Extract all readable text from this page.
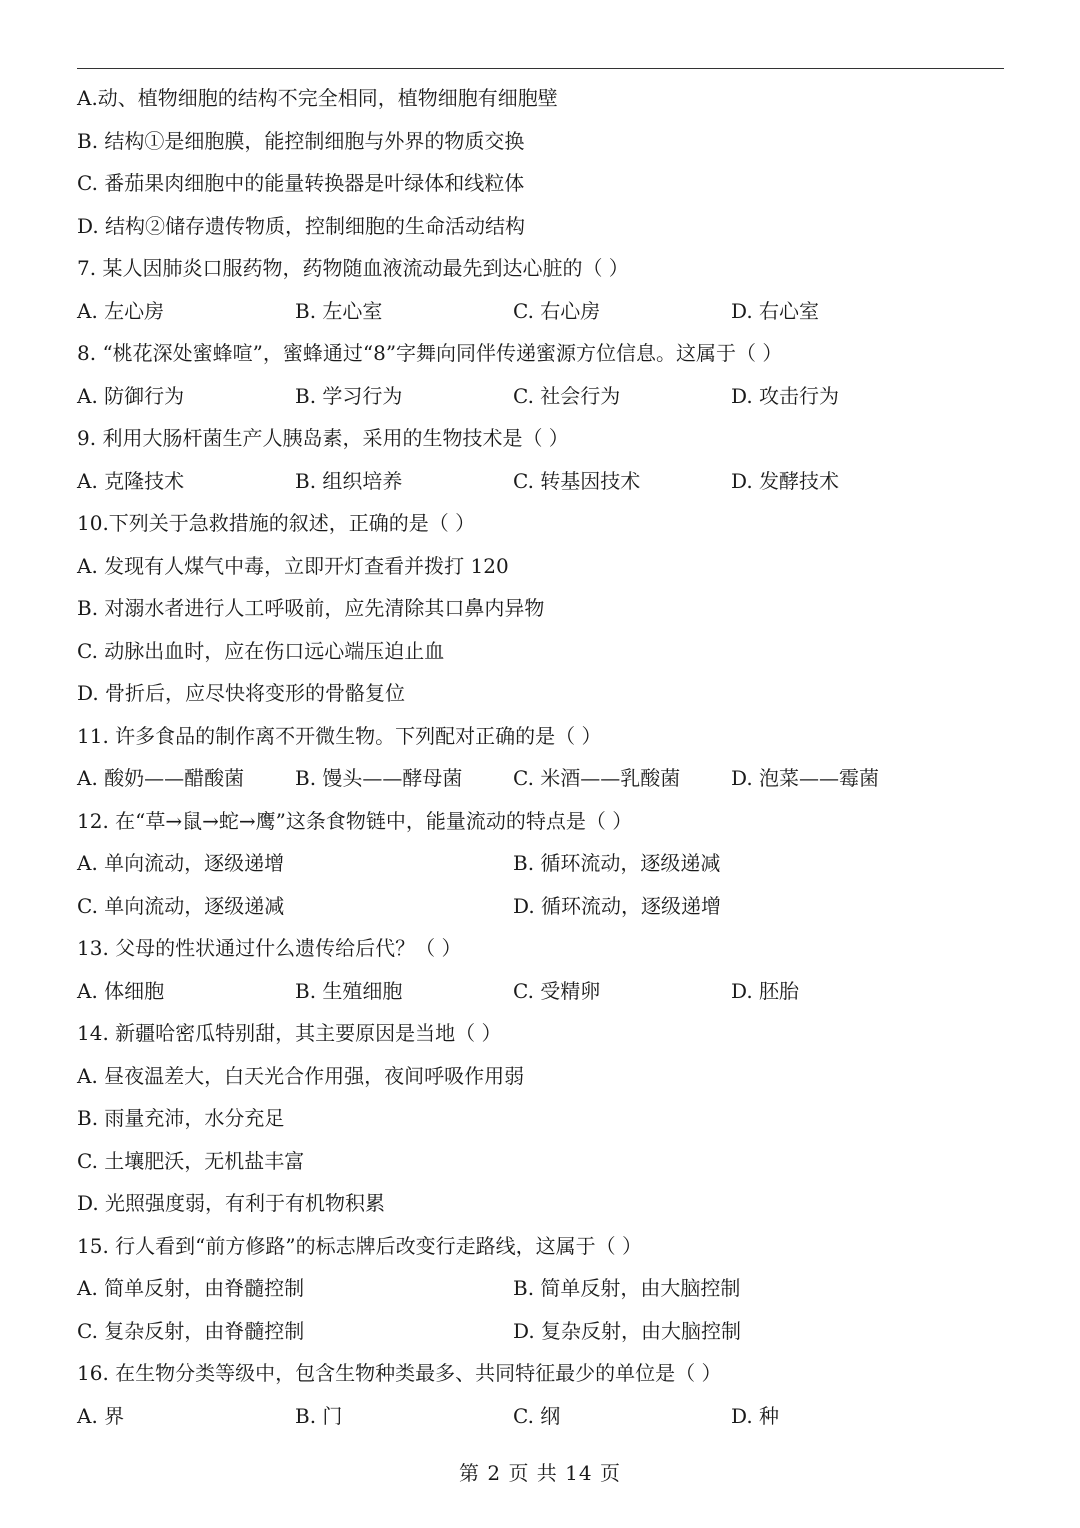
A.动、植物细胞的结构不完全相同，植物细胞有细胞壁
B. 结构①是细胞膜，能控制细胞与外界的物质交换
C. 番茄果肉细胞中的能量转换器是叶绿体和线粒体
D. 结构②储存遗传物质，控制细胞的生命活动结构
7. 某人因肺炎口服药物，药物随血液流动最先到达心脏的（ ）
A. 左心房	B. 左心室	C. 右心房	D. 右心室
8. “桃花深处蜜蜂喧”，蜜蜂通过“8”字舞向同伴传递蜜源方位信息。这属于（ ）
A. 防御行为	B. 学习行为	C. 社会行为	D. 攻击行为
9. 利用大肠杆菌生产人胰岛素，采用的生物技术是（ ）
A. 克隆技术	B. 组织培养	C. 转基因技术	D. 发酵技术
10.下列关于急救措施的叙述，正确的是（ ）
A. 发现有人煤气中毒，立即开灯查看并拨打 120
B. 对溺水者进行人工呼吸前，应先清除其口鼻内异物
C. 动脉出血时，应在伤口远心端压迫止血
D. 骨折后，应尽快将变形的骨骼复位
11. 许多食品的制作离不开微生物。下列配对正确的是（ ）
A. 酸奶——醋酸菌	B. 馒头——酵母菌	C. 米酒——乳酸菌	D. 泡菜——霉菌
12. 在“草→鼠→蛇→鹰”这条食物链中，能量流动的特点是（ ）
A. 单向流动，逐级递增	B. 循环流动，逐级递减
C. 单向流动，逐级递减	D. 循环流动，逐级递增
13. 父母的性状通过什么遗传给后代？（ ）
A. 体细胞	B. 生殖细胞	C. 受精卵	D. 胚胎
14. 新疆哈密瓜特别甜，其主要原因是当地（ ）
A. 昼夜温差大，白天光合作用强，夜间呼吸作用弱
B. 雨量充沛，水分充足
C. 土壤肥沃，无机盐丰富
D. 光照强度弱，有利于有机物积累
15. 行人看到“前方修路”的标志牌后改变行走路线，这属于（ ）
A. 简单反射，由脊髓控制	B. 简单反射，由大脑控制
C. 复杂反射，由脊髓控制	D. 复杂反射，由大脑控制
16. 在生物分类等级中，包含生物种类最多、共同特征最少的单位是（ ）
A. 界	B. 门	C. 纲	D. 种
第 2 页 共 14 页
